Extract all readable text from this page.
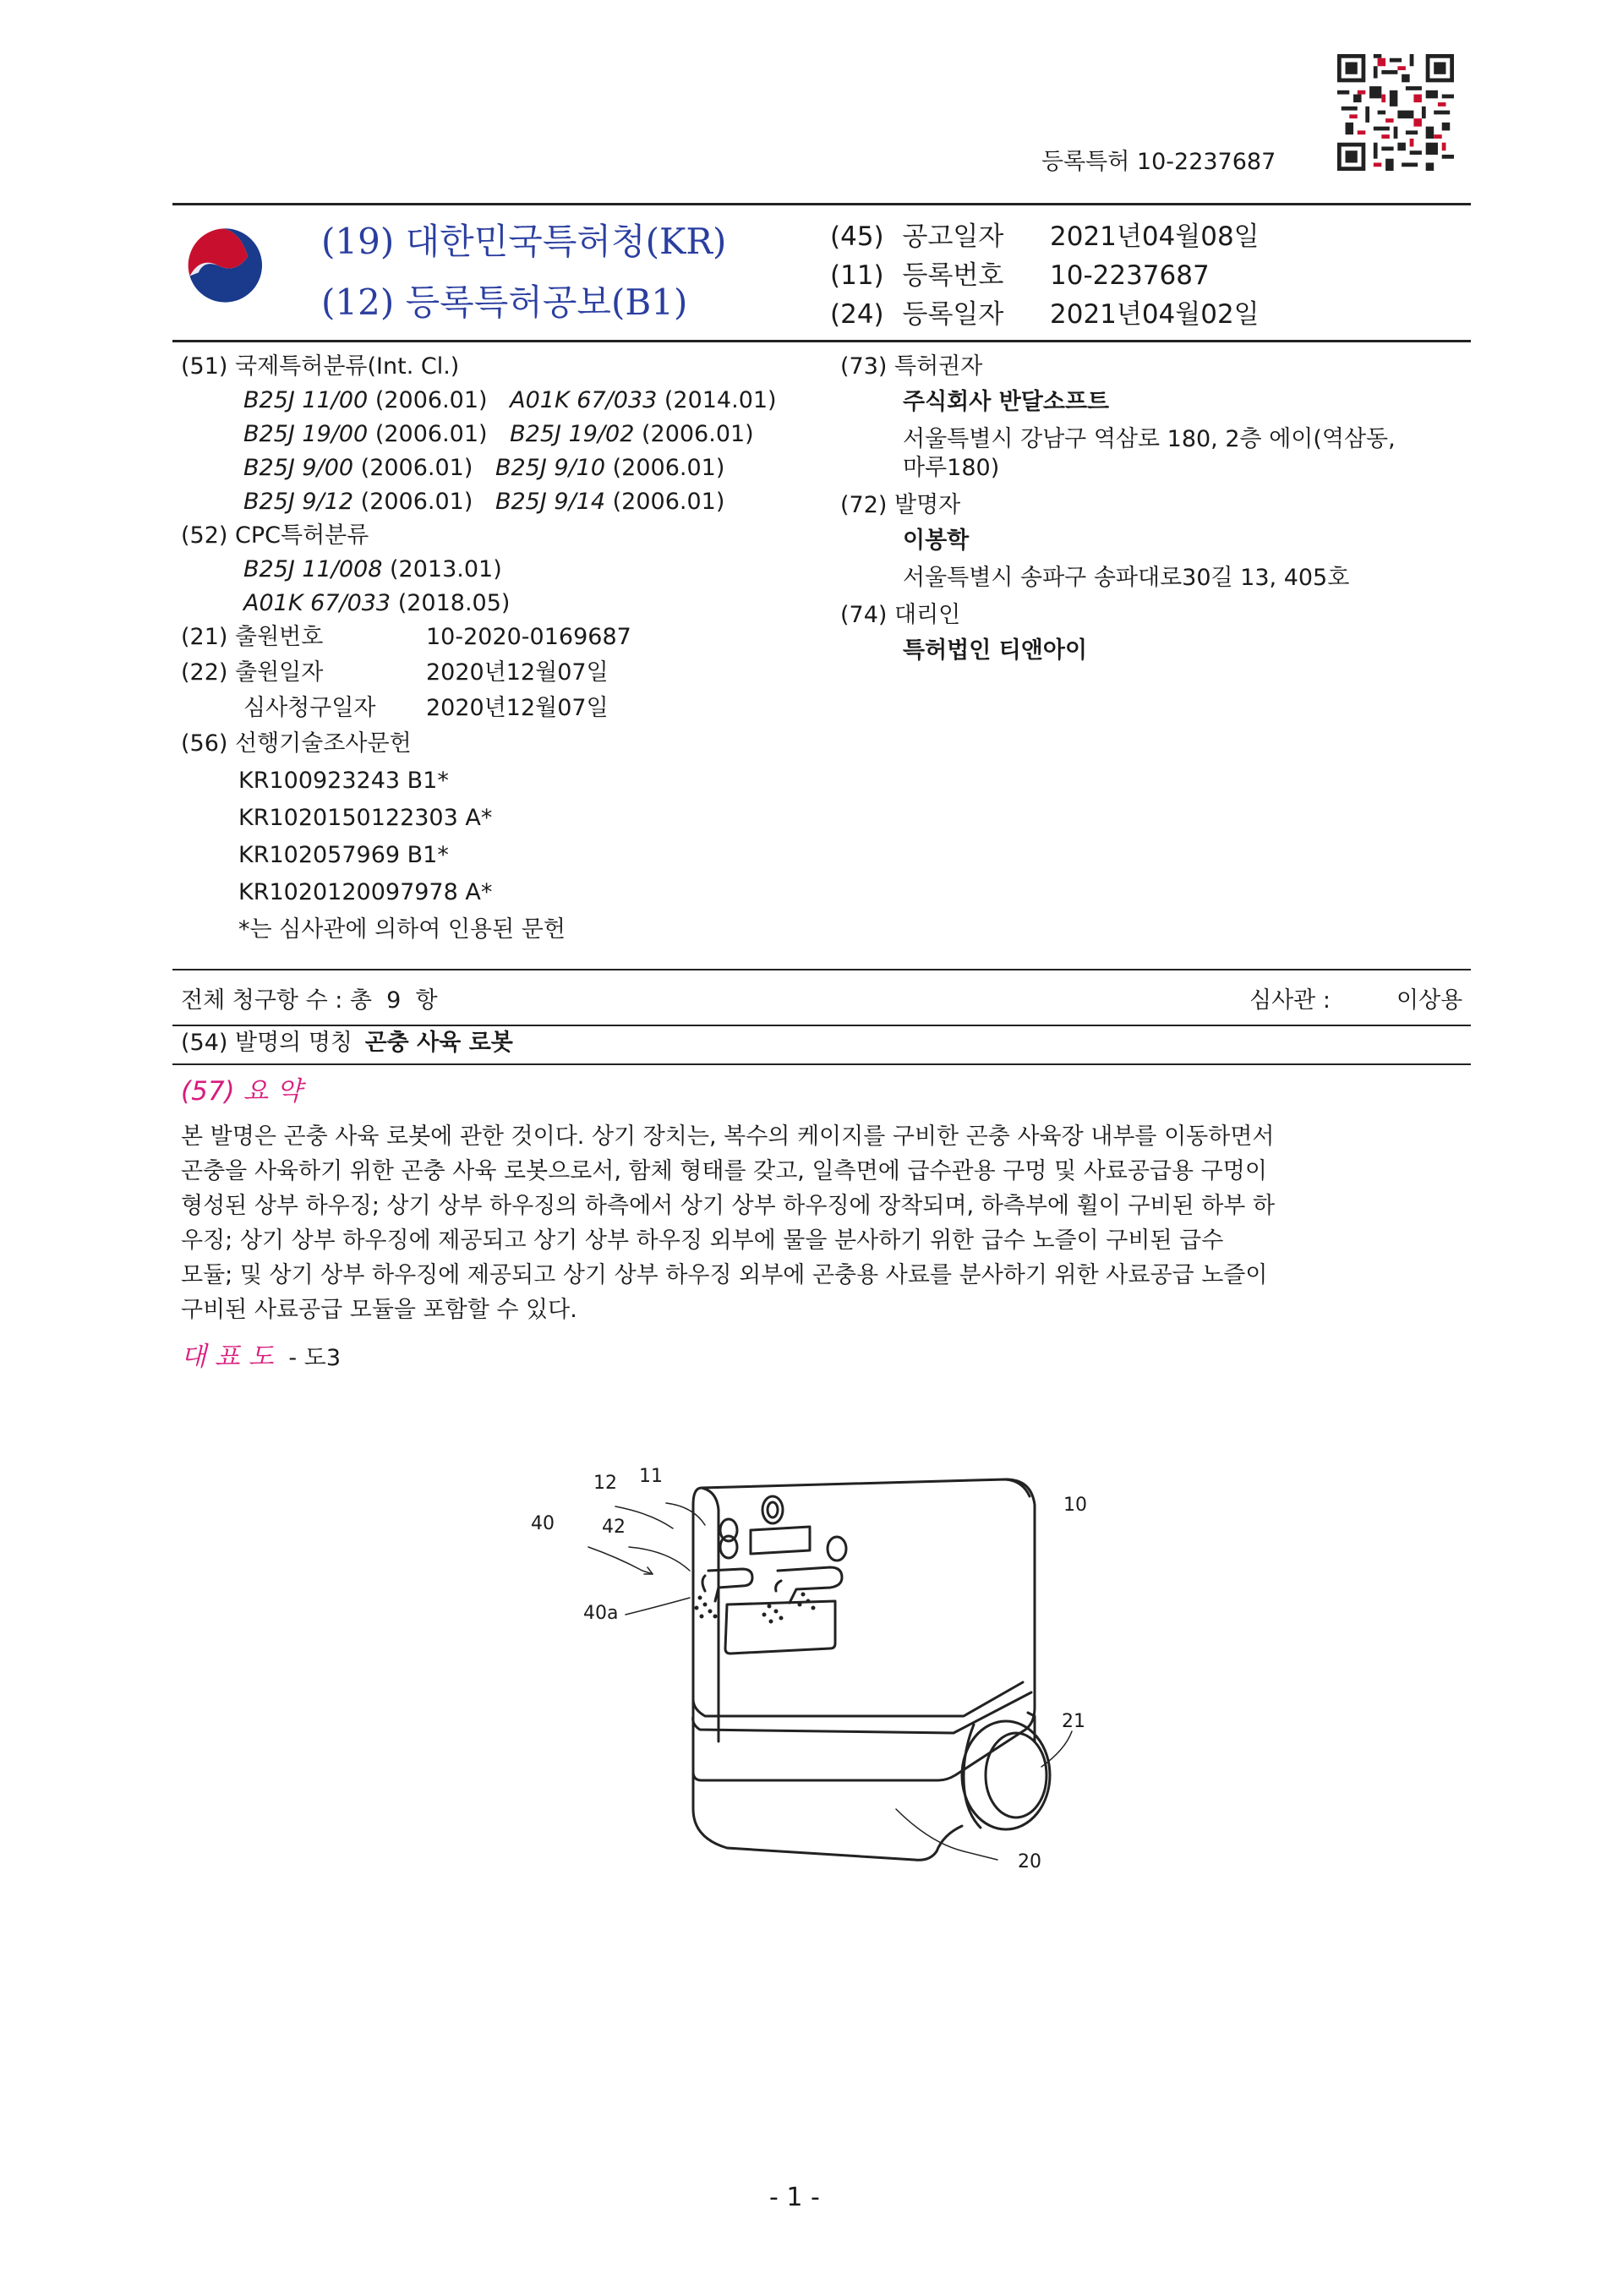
등록특허 10-2237687
(19) 대한민국특허청(KR)
(12) 등록특허공보(B1)
(45) 공고일자 2021년04월08일
(11) 등록번호 10-2237687
(24) 등록일자 2021년04월02일
(51) 국제특허분류(Int. Cl.)
B25J 11/00 (2006.01) A01K 67/033 (2014.01)
B25J 19/00 (2006.01) B25J 19/02 (2006.01)
B25J 9/00 (2006.01) B25J 9/10 (2006.01)
B25J 9/12 (2006.01) B25J 9/14 (2006.01)
(52) CPC특허분류
B25J 11/008 (2013.01)
A01K 67/033 (2018.05)
(21) 출원번호	10-2020-0169687
(22) 출원일자	2020년12월07일
심사청구일자 2020년12월07일
(56) 선행기술조사문헌
KR100923243 B1*
KR1020150122303 A*
KR102057969 B1*
KR1020120097978 A*
*는 심사관에 의하여 인용된 문헌
(73) 특허권자
주식회사 반달소프트
서울특별시 강남구 역삼로 180, 2층 에이(역삼동,
마루180)
(72) 발명자
이봉학
서울특별시 송파구 송파대로30길 13, 405호
(74) 대리인
특허법인 티앤아이
전체 청구항 수 : 총  9  항	심사관 :	이상용
(54) 발명의 명칭 곤충 사육 로봇
(57) 요 약
본 발명은 곤충 사육 로봇에 관한 것이다. 상기 장치는, 복수의 케이지를 구비한 곤충 사육장 내부를 이동하면서
곤충을 사육하기 위한 곤충 사육 로봇으로서, 함체 형태를 갖고, 일측면에 급수관용 구멍 및 사료공급용 구멍이
형성된 상부 하우징; 상기 상부 하우징의 하측에서 상기 상부 하우징에 장착되며, 하측부에 휠이 구비된 하부 하
우징; 상기 상부 하우징에 제공되고 상기 상부 하우징 외부에 물을 분사하기 위한 급수 노즐이 구비된 급수
모듈; 및 상기 상부 하우징에 제공되고 상기 상부 하우징 외부에 곤충용 사료를 분사하기 위한 사료공급 노즐이
구비된 사료공급 모듈을 포함할 수 있다.
대 표 도 - 도3
12 11
40	42
40a
10
21
20
- 1 -
